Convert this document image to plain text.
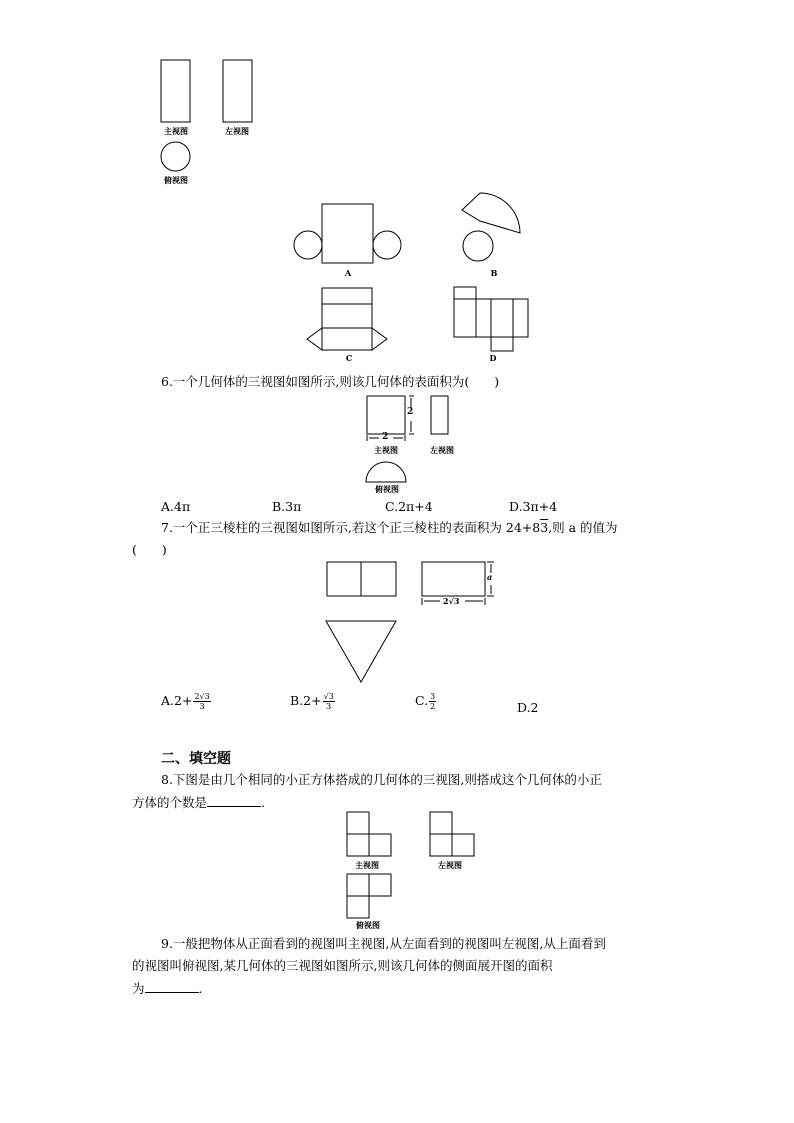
主视图	左视图
俯视图
A	B
C	D
6.一个几何体的三视图如图所示,则该几何体的表面积为(　　)
2
2
主视图	左视图
俯视图
A.4π	B.3π	C.2π+4	D.3π+4
7.一个正三棱柱的三视图如图所示,若这个正三棱柱的表面积为 24+83,则 a 的值为
(　　)
a
2√3
$A.2+ \frac{2√3}{3}$	$B.2+ \frac{√3}{3}$	C. $\frac{3}{2}$	D.2
二、填空题
8.下图是由几个相同的小正方体搭成的几何体的三视图,则搭成这个几何体的小正
方体的个数是	.
主视图	左视图
俯视图
9.一般把物体从正面看到的视图叫主视图,从左面看到的视图叫左视图,从上面看到
的视图叫俯视图,某几何体的三视图如图所示,则该几何体的侧面展开图的面积
为	.
